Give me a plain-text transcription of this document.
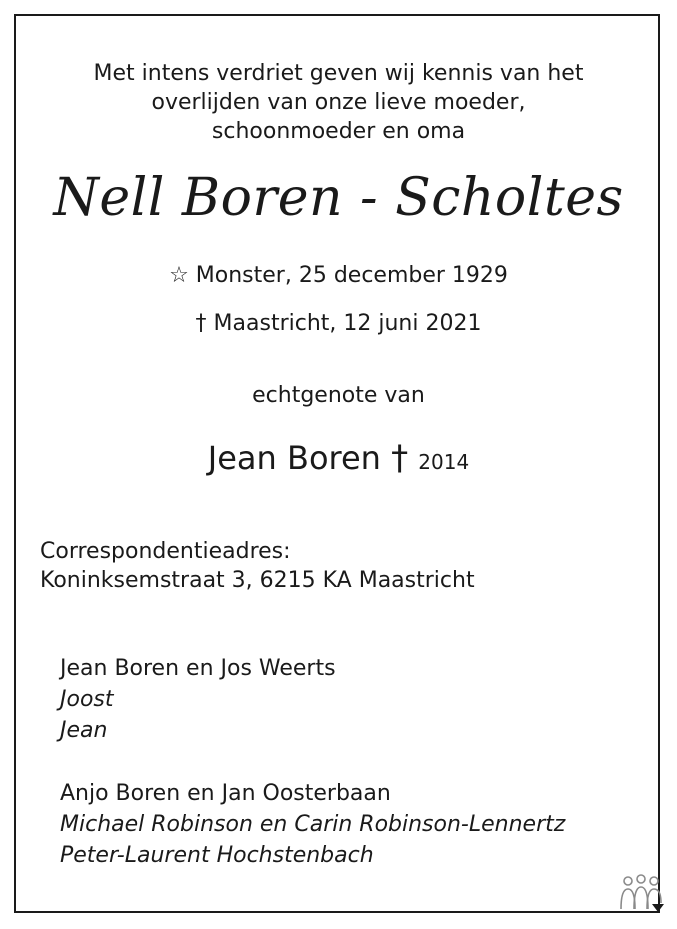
Met intens verdriet geven wij kennis van het
overlijden van onze lieve moeder,
schoonmoeder en oma
Nell Boren - Scholtes
☆ Monster, 25 december 1929
† Maastricht, 12 juni 2021
echtgenote van
Jean Boren † 2014
Correspondentieadres:
Koninksemstraat 3, 6215 KA Maastricht
Jean Boren en Jos Weerts
Joost
Jean
Anjo Boren en Jan Oosterbaan
Michael Robinson en Carin Robinson-Lennertz
Peter-Laurent Hochstenbach
